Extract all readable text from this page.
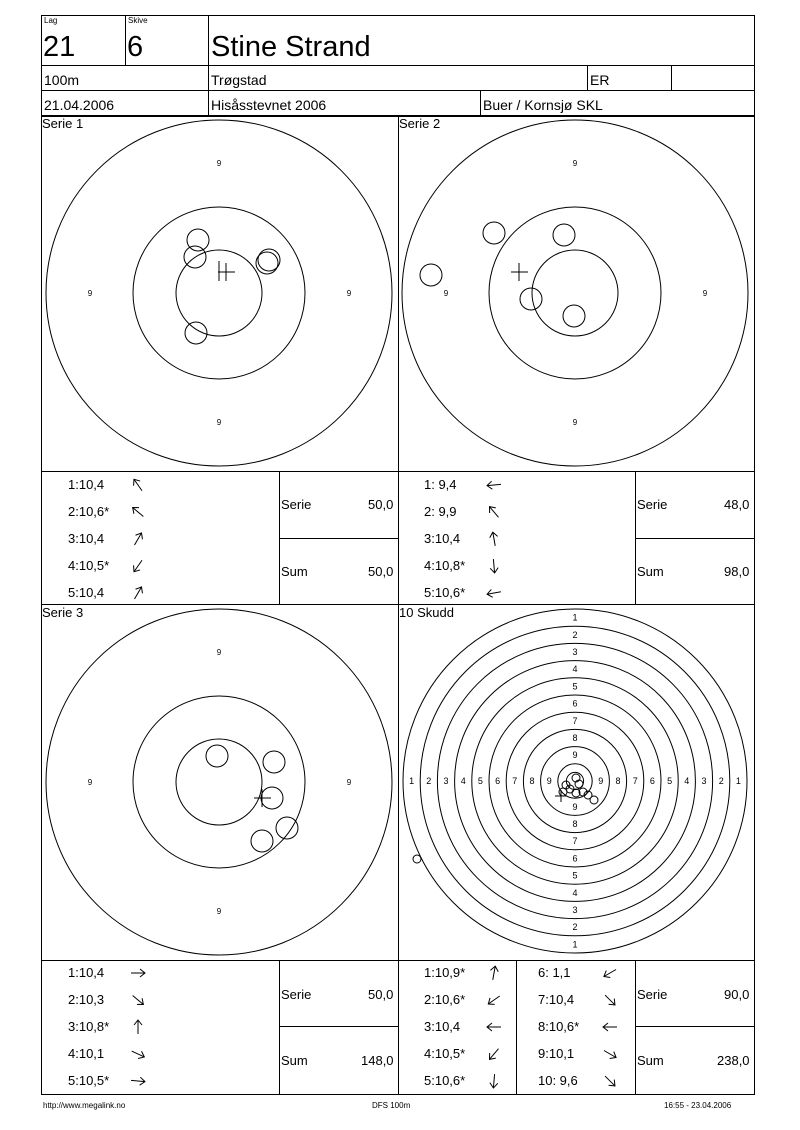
Lag
21
Skive
6 Stine Strand
100m	Trøgstad	ER
21.04.2006	Hisåsstevnet 2006	Buer / Kornsjø SKL
Serie 1
9
9
9	9
Serie 2
9
9
9	9
Serie 3
9
9
9	9
10 Skudd	1
1
1	1
2
2
2	2
3
3
3	3
4
4
4	4
5
5
5	5
6
6
6	6
7
7
7	7
8
8
8	8
9
9
9	9
1:10,4
2:10,6*
3:10,4
4:10,5*
5:10,4
Serie	50,0
Sum	50,0
1: 9,4
2: 9,9
3:10,4
4:10,8*
5:10,6*
Serie	48,0
Sum	98,0
1:10,4
2:10,3
3:10,8*
4:10,1
5:10,5*
Serie	50,0
Sum	148,0
1:10,9*
2:10,6*
3:10,4
4:10,5*
5:10,6*
6: 1,1
7:10,4
8:10,6*
9:10,1
10: 9,6
Serie	90,0
Sum	238,0
http://www.megalink.no	DFS 100m	16:55 - 23.04.2006
